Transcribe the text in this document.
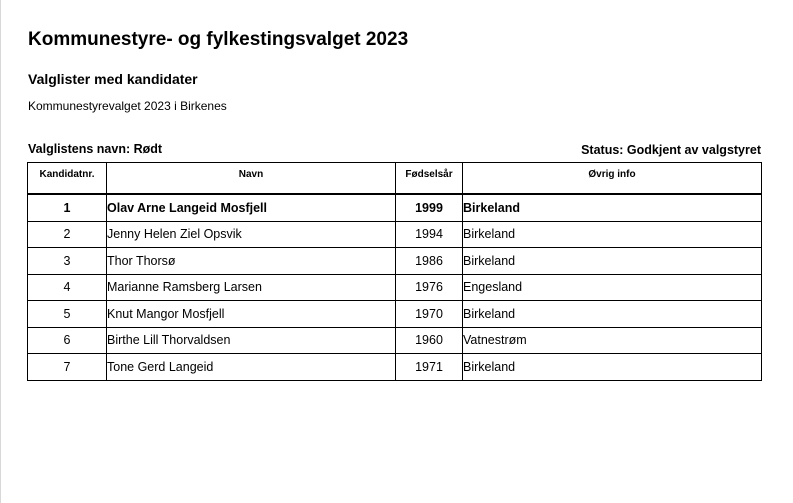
Kommunestyre- og fylkestingsvalget 2023
Valglister med kandidater
Kommunestyrevalget 2023 i Birkenes
Valglistens navn: Rødt	Status: Godkjent av valgstyret
Kandidatnr.	Navn	Fødselsår	Øvrig info
1	Olav Arne Langeid Mosfjell	1999	Birkeland
2	Jenny Helen Ziel Opsvik	1994	Birkeland
3	Thor Thorsø	1986	Birkeland
4	Marianne Ramsberg Larsen	1976	Engesland
5	Knut Mangor Mosfjell	1970	Birkeland
6	Birthe Lill Thorvaldsen	1960	Vatnestrøm
7	Tone Gerd Langeid	1971	Birkeland
